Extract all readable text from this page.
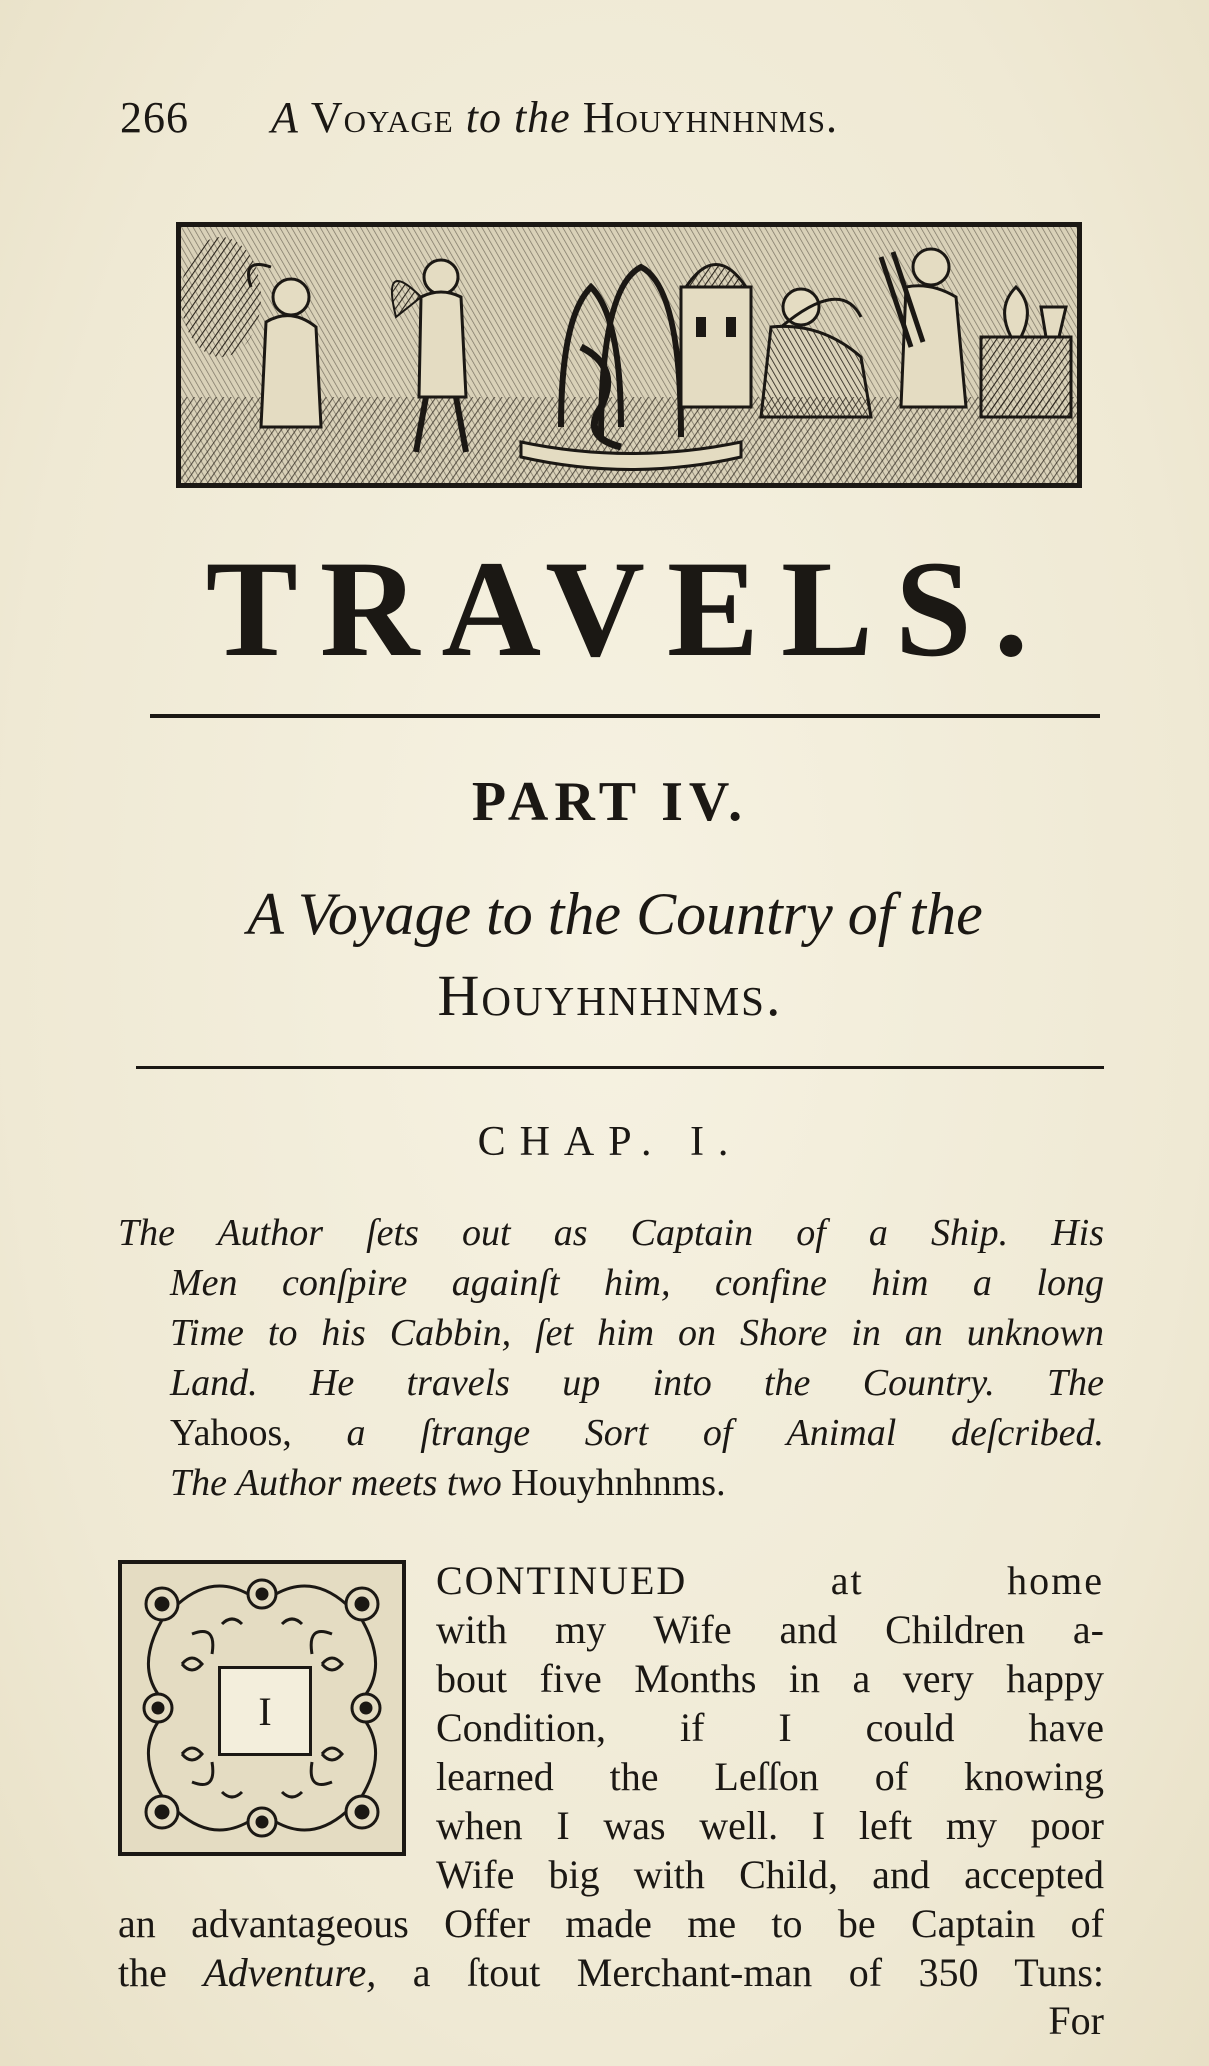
266 A Voyage to the Houyhnhnms.
TRAVELS.
PART IV.
A Voyage to the Country of the
Houyhnhnms.
CHAP. I.

The Author ſets out as Captain of a Ship. His

Men conſpire againſt him, confine him a long

Time to his Cabbin, ſet him on Shore in an unknown

Land. He travels up into the Country. The

Yahoos, a ſtrange Sort of Animal deſcribed.

The Author meets two Houyhnhnms.

I

CONTINUED at home

with my Wife and Children a-

bout five Months in a very happy

Condition, if I could have

learned the Leſſon of knowing

when I was well. I left my poor

Wife big with Child, and accepted

an advantageous Offer made me to be Captain of

the Adventure, a ſtout Merchant-man of 350 Tuns:

For
